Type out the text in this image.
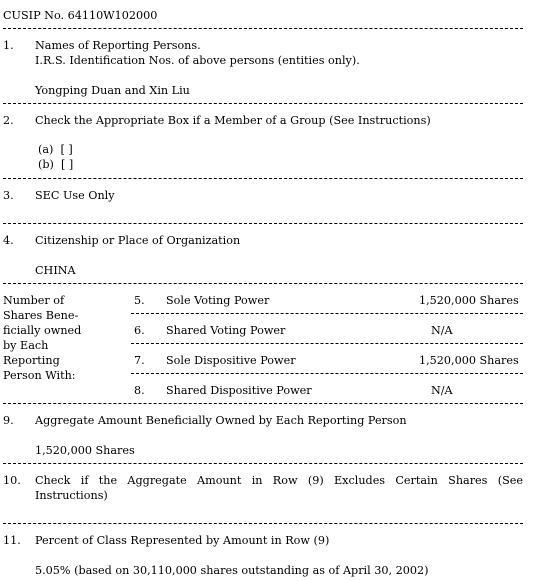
CUSIP No. 64110W102000
1. Names of Reporting Persons.
I.R.S. Identification Nos. of above persons (entities only).
Yongping Duan and Xin Liu
2. Check the Appropriate Box if a Member of a Group (See Instructions)
(a)  [ ]
(b)  [ ]
3. SEC Use Only
4. Citizenship or Place of Organization
CHINA
Number of
Shares Bene-
ficially owned
by Each
Reporting
Person With:
5. Sole Voting Power	1,520,000 Shares
6. Shared Voting Power	N/A
7. Sole Dispositive Power	1,520,000 Shares
8. Shared Dispositive Power	N/A
9. Aggregate Amount Beneficially Owned by Each Reporting Person
1,520,000 Shares
10. Check if the Aggregate Amount in Row (9) Excludes Certain Shares (See
Instructions)
11. Percent of Class Represented by Amount in Row (9)
5.05% (based on 30,110,000 shares outstanding as of April 30, 2002)
